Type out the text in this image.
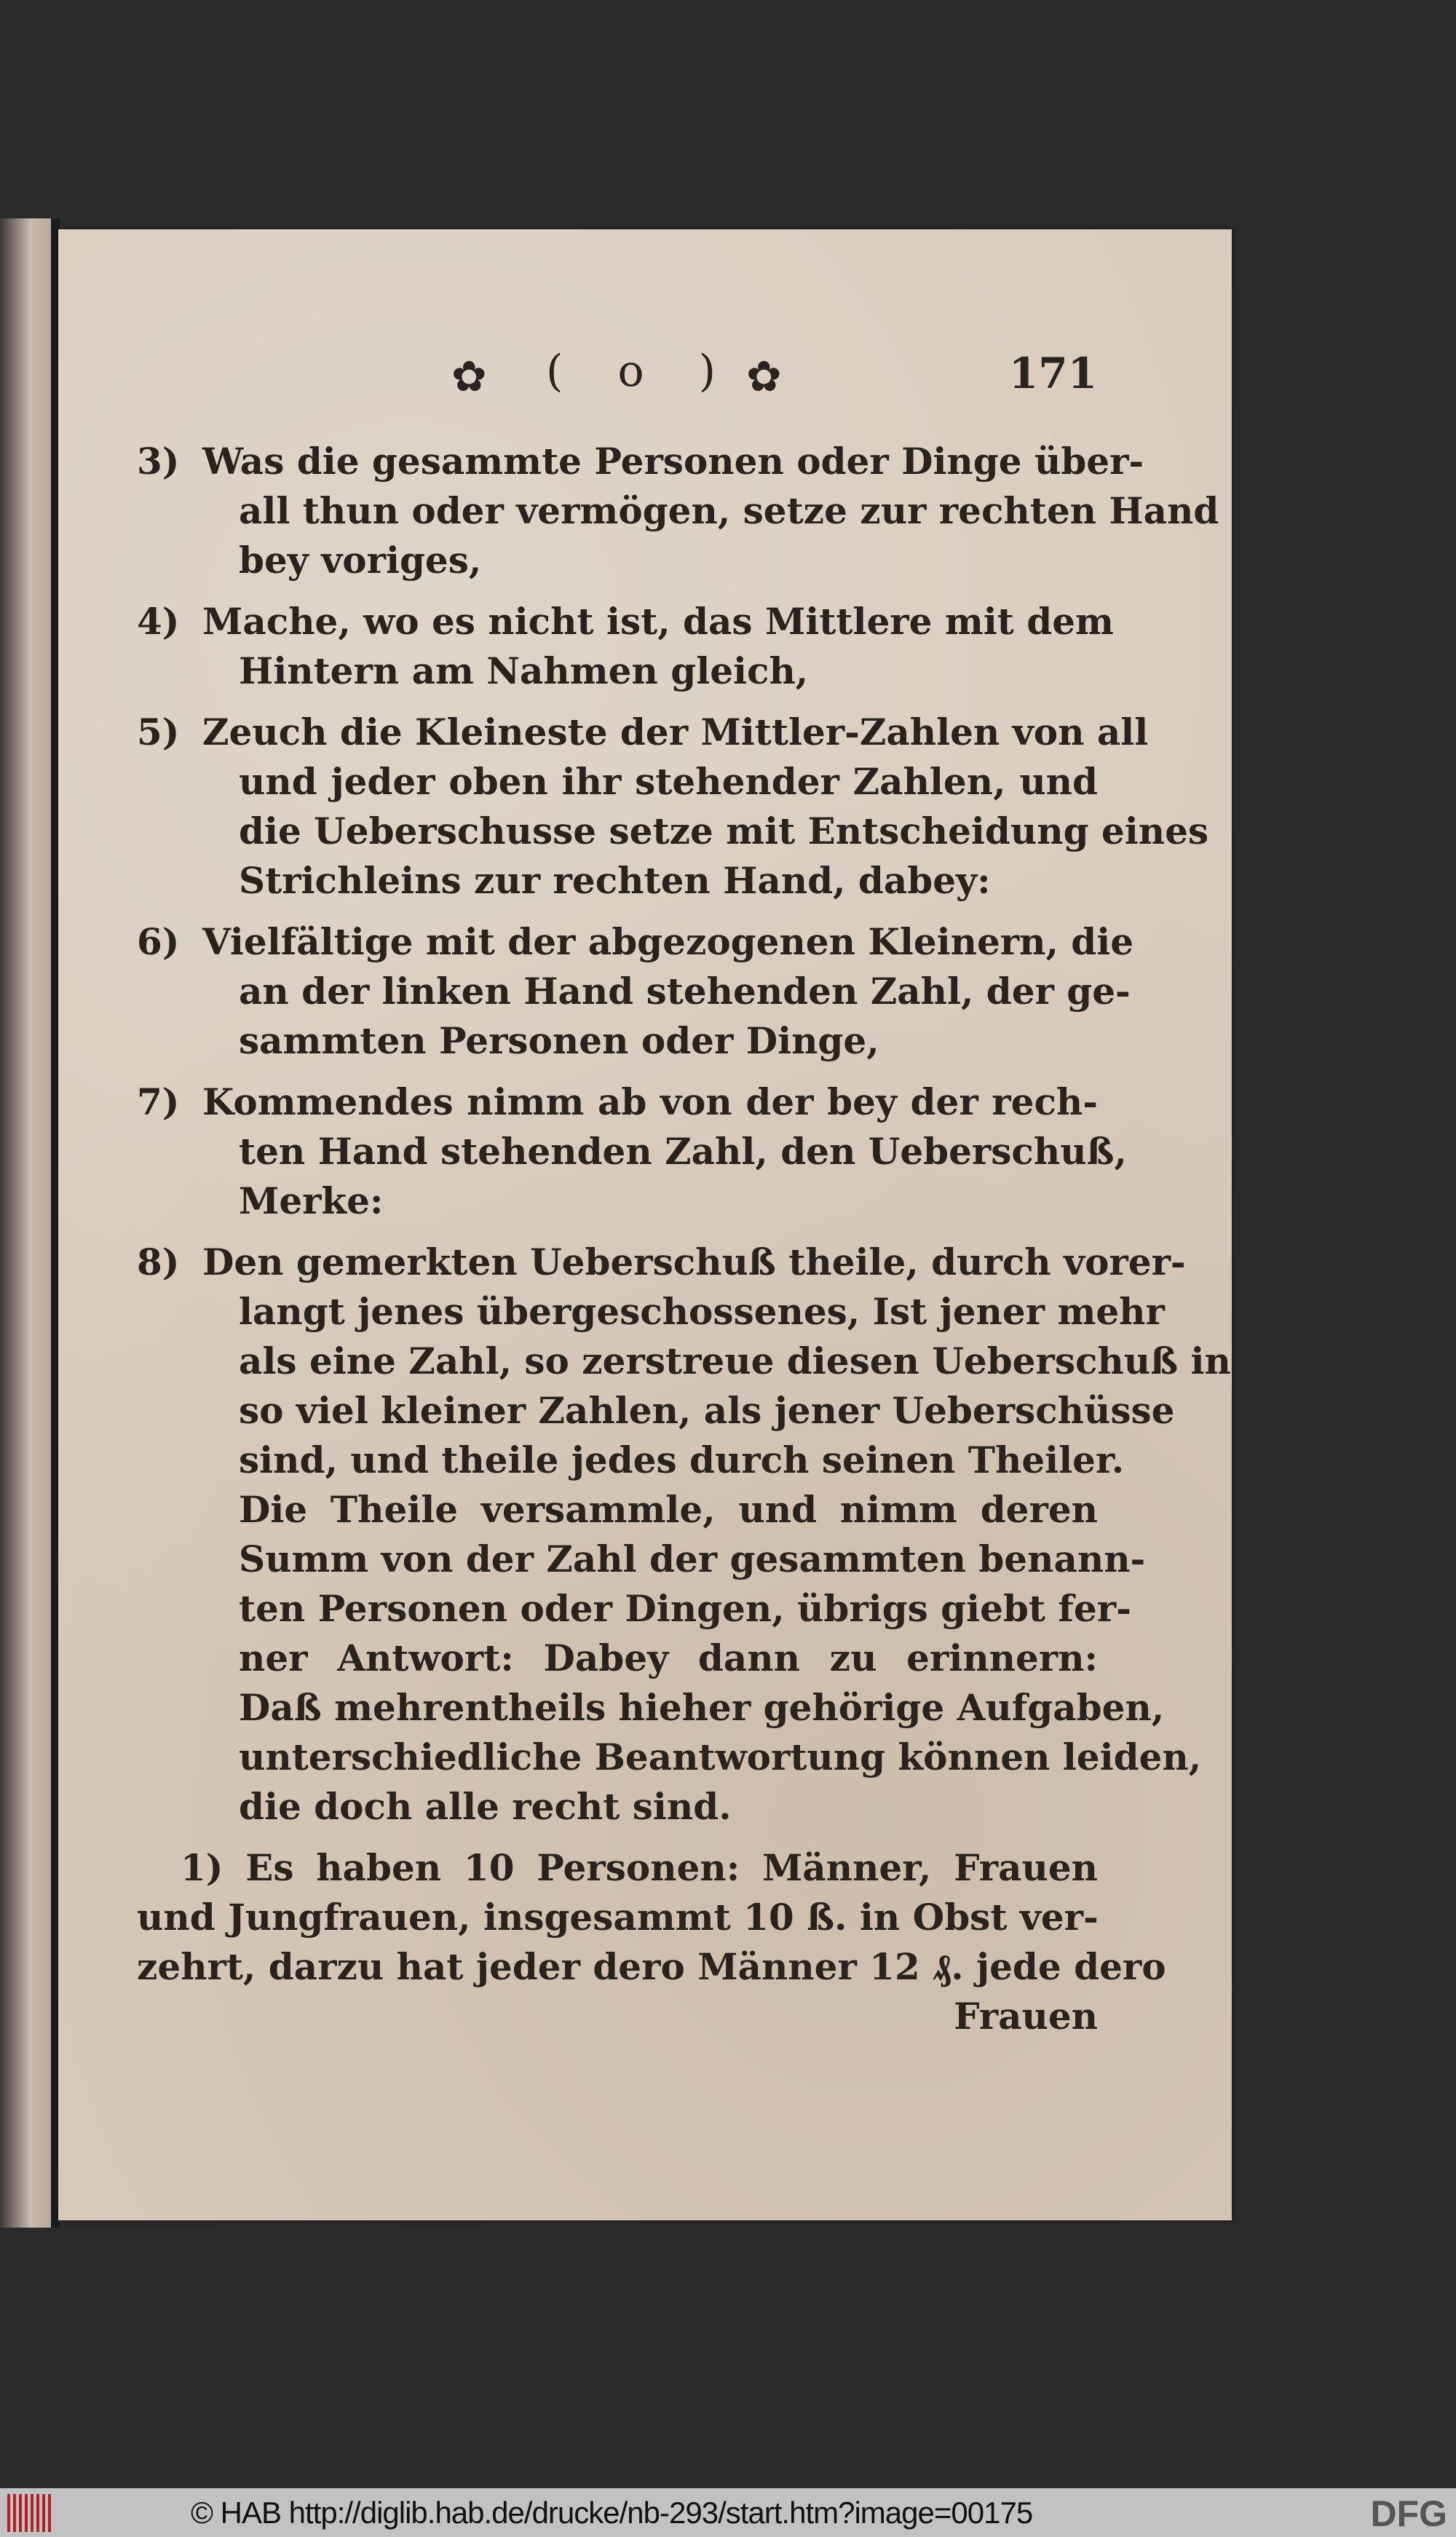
✿ ( o ) ✿	171
3) Was die gesammte Personen oder Dinge über-
all thun oder vermögen, setze zur rechten Hand
bey voriges,
4) Mache, wo es nicht ist, das Mittlere mit dem
Hintern am Nahmen gleich,
5) Zeuch die Kleineste der Mittler-Zahlen von all
und jeder oben ihr stehender Zahlen, und
die Ueberschusse setze mit Entscheidung eines
Strichleins zur rechten Hand, dabey:
6) Vielfältige mit der abgezogenen Kleinern, die
an der linken Hand stehenden Zahl, der ge-
sammten Personen oder Dinge,
7) Kommendes nimm ab von der bey der rech-
ten Hand stehenden Zahl, den Ueberschuß,
Merke:
8) Den gemerkten Ueberschuß theile, durch vorer-
langt jenes übergeschossenes, Ist jener mehr
als eine Zahl, so zerstreue diesen Ueberschuß in
so viel kleiner Zahlen, als jener Ueberschüsse
sind, und theile jedes durch seinen Theiler.
Die Theile versammle, und nimm deren
Summ von der Zahl der gesammten benann-
ten Personen oder Dingen, übrigs giebt fer-
ner Antwort: Dabey dann zu erinnern:
Daß mehrentheils hieher gehörige Aufgaben,
unterschiedliche Beantwortung können leiden,
die doch alle recht sind.
1) Es haben 10 Personen: Männer, Frauen
und Jungfrauen, insgesammt 10 ß. in Obst ver-
zehrt, darzu hat jeder dero Männer 12 ₰. jede dero
Frauen
© HAB http://diglib.hab.de/drucke/nb-293/start.htm?image=00175	DFG
